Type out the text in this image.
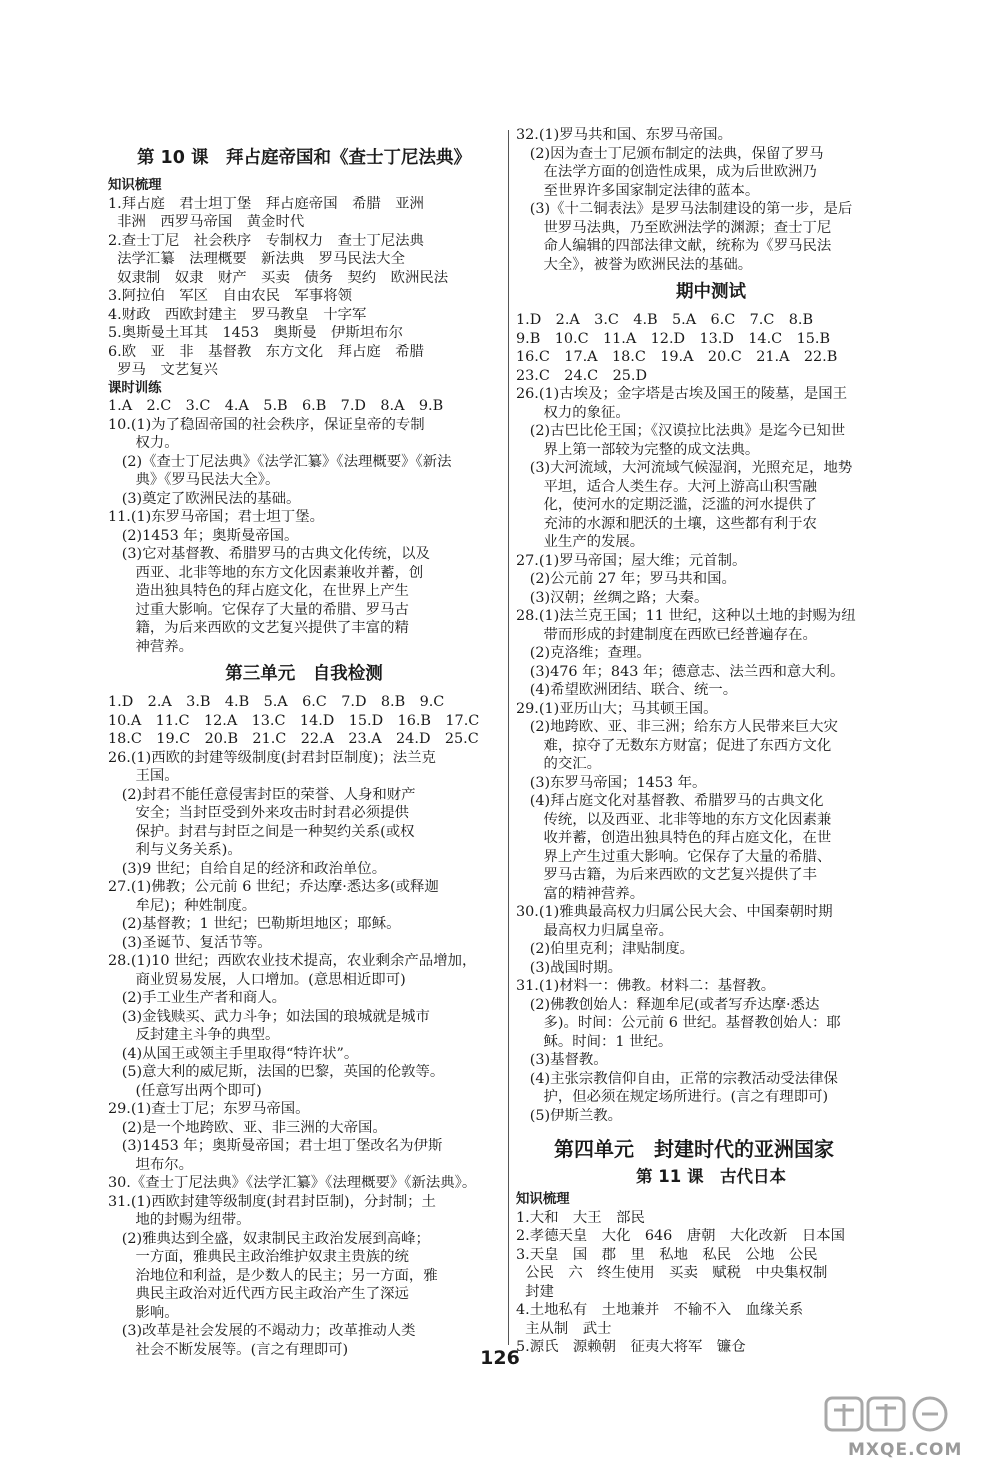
第 10 课　拜占庭帝国和《查士丁尼法典》
知识梳理
1.拜占庭　君士坦丁堡　拜占庭帝国　希腊　亚洲
非洲　西罗马帝国　黄金时代
2.查士丁尼　社会秩序　专制权力　查士丁尼法典
法学汇纂　法理概要　新法典　罗马民法大全
奴隶制　奴隶　财产　买卖　债务　契约　欧洲民法
3.阿拉伯　军区　自由农民　军事将领
4.财政　西欧封建主　罗马教皇　十字军
5.奥斯曼土耳其　1453　奥斯曼　伊斯坦布尔
6.欧　亚　非　基督教　东方文化　拜占庭　希腊
罗马　文艺复兴
课时训练
1.A　2.C　3.C　4.A　5.B　6.B　7.D　8.A　9.B
10.(1)为了稳固帝国的社会秩序，保证皇帝的专制
权力。
(2)《查士丁尼法典》《法学汇纂》《法理概要》《新法
典》《罗马民法大全》。
(3)奠定了欧洲民法的基础。
11.(1)东罗马帝国；君士坦丁堡。
(2)1453 年；奥斯曼帝国。
(3)它对基督教、希腊罗马的古典文化传统，以及
西亚、北非等地的东方文化因素兼收并蓄，创
造出独具特色的拜占庭文化，在世界上产生
过重大影响。它保存了大量的希腊、罗马古
籍，为后来西欧的文艺复兴提供了丰富的精
神营养。
第三单元　自我检测
1.D　2.A　3.B　4.B　5.A　6.C　7.D　8.B　9.C
10.A　11.C　12.A　13.C　14.D　15.D　16.B　17.C
18.C　19.C　20.B　21.C　22.A　23.A　24.D　25.C
26.(1)西欧的封建等级制度(封君封臣制度)；法兰克
王国。
(2)封君不能任意侵害封臣的荣誉、人身和财产
安全；当封臣受到外来攻击时封君必须提供
保护。封君与封臣之间是一种契约关系(或权
利与义务关系)。
(3)9 世纪；自给自足的经济和政治单位。
27.(1)佛教；公元前 6 世纪；乔达摩·悉达多(或释迦
牟尼)；种姓制度。
(2)基督教；1 世纪；巴勒斯坦地区；耶稣。
(3)圣诞节、复活节等。
28.(1)10 世纪；西欧农业技术提高，农业剩余产品增加，
商业贸易发展，人口增加。(意思相近即可)
(2)手工业生产者和商人。
(3)金钱赎买、武力斗争；如法国的琅城就是城市
反封建主斗争的典型。
(4)从国王或领主手里取得“特许状”。
(5)意大利的威尼斯，法国的巴黎，英国的伦敦等。
(任意写出两个即可)
29.(1)查士丁尼；东罗马帝国。
(2)是一个地跨欧、亚、非三洲的大帝国。
(3)1453 年；奥斯曼帝国；君士坦丁堡改名为伊斯
坦布尔。
30.《查士丁尼法典》《法学汇纂》《法理概要》《新法典》。
31.(1)西欧封建等级制度(封君封臣制)，分封制；土
地的封赐为纽带。
(2)雅典达到全盛，奴隶制民主政治发展到高峰；
一方面，雅典民主政治维护奴隶主贵族的统
治地位和利益，是少数人的民主；另一方面，雅
典民主政治对近代西方民主政治产生了深远
影响。
(3)改革是社会发展的不竭动力；改革推动人类
社会不断发展等。(言之有理即可)
32.(1)罗马共和国、东罗马帝国。
(2)因为查士丁尼颁布制定的法典，保留了罗马
在法学方面的创造性成果，成为后世欧洲乃
至世界许多国家制定法律的蓝本。
(3)《十二铜表法》是罗马法制建设的第一步，是后
世罗马法典，乃至欧洲法学的渊源；查士丁尼
命人编辑的四部法律文献，统称为《罗马民法
大全》，被誉为欧洲民法的基础。
期中测试
1.D　2.A　3.C　4.B　5.A　6.C　7.C　8.B
9.B　10.C　11.A　12.D　13.D　14.C　15.B
16.C　17.A　18.C　19.A　20.C　21.A　22.B
23.C　24.C　25.D
26.(1)古埃及；金字塔是古埃及国王的陵墓，是国王
权力的象征。
(2)古巴比伦王国；《汉谟拉比法典》是迄今已知世
界上第一部较为完整的成文法典。
(3)大河流域，大河流域气候湿润，光照充足，地势
平坦，适合人类生存。大河上游高山积雪融
化，使河水的定期泛滥，泛滥的河水提供了
充沛的水源和肥沃的土壤，这些都有利于农
业生产的发展。
27.(1)罗马帝国；屋大维；元首制。
(2)公元前 27 年；罗马共和国。
(3)汉朝；丝绸之路；大秦。
28.(1)法兰克王国；11 世纪，这种以土地的封赐为纽
带而形成的封建制度在西欧已经普遍存在。
(2)克洛维；查理。
(3)476 年；843 年；德意志、法兰西和意大利。
(4)希望欧洲团结、联合、统一。
29.(1)亚历山大；马其顿王国。
(2)地跨欧、亚、非三洲；给东方人民带来巨大灾
难，掠夺了无数东方财富；促进了东西方文化
的交汇。
(3)东罗马帝国；1453 年。
(4)拜占庭文化对基督教、希腊罗马的古典文化
传统，以及西亚、北非等地的东方文化因素兼
收并蓄，创造出独具特色的拜占庭文化，在世
界上产生过重大影响。它保存了大量的希腊、
罗马古籍，为后来西欧的文艺复兴提供了丰
富的精神营养。
30.(1)雅典最高权力归属公民大会、中国秦朝时期
最高权力归属皇帝。
(2)伯里克利；津贴制度。
(3)战国时期。
31.(1)材料一：佛教。材料二：基督教。
(2)佛教创始人：释迦牟尼(或者写乔达摩·悉达
多)。时间：公元前 6 世纪。基督教创始人：耶
稣。时间：1 世纪。
(3)基督教。
(4)主张宗教信仰自由，正常的宗教活动受法律保
护，但必须在规定场所进行。(言之有理即可)
(5)伊斯兰教。
第四单元　封建时代的亚洲国家
第 11 课　古代日本
知识梳理
1.大和　大王　部民
2.孝德天皇　大化　646　唐朝　大化改新　日本国
3.天皇　国　郡　里　私地　私民　公地　公民
公民　六　终生使用　买卖　赋税　中央集权制
封建
4.土地私有　土地兼并　不输不入　血缘关系
主从制　武士
5.源氏　源赖朝　征夷大将军　镰仓
126
MXQE.COM
